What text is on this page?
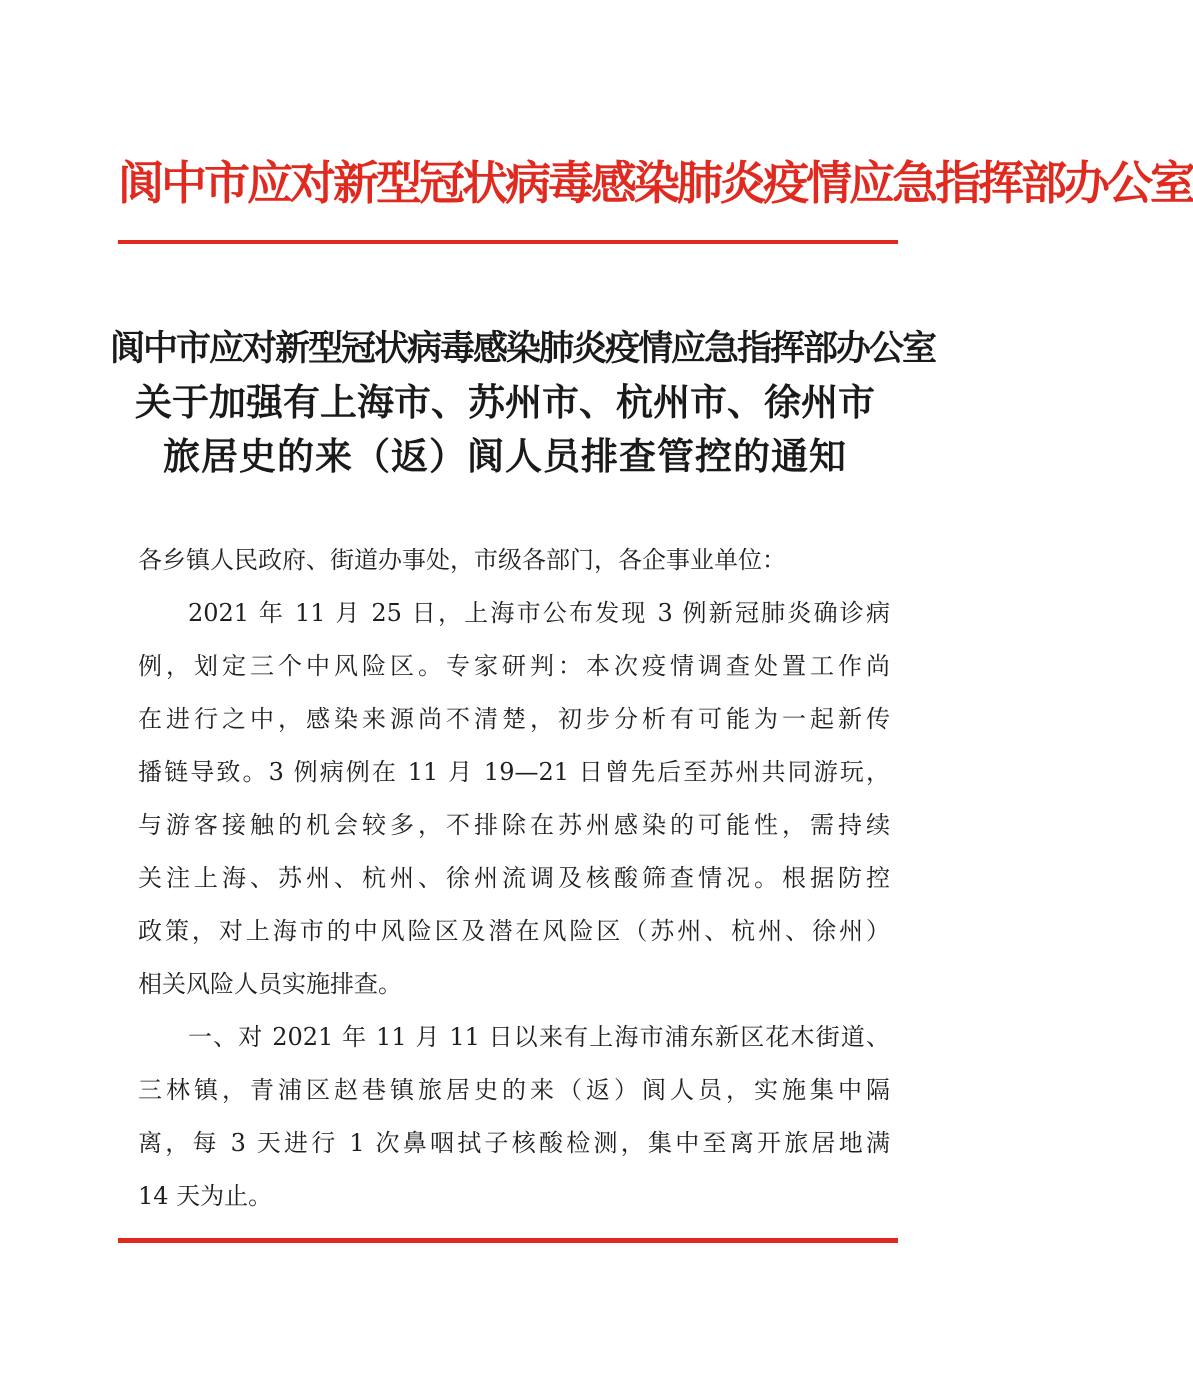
阆中市应对新型冠状病毒感染肺炎疫情应急指挥部办公室
阆中市应对新型冠状病毒感染肺炎疫情应急指挥部办公室
关于加强有上海市、苏州市、杭州市、徐州市
旅居史的来（返）阆人员排查管控的通知
各乡镇人民政府、街道办事处，市级各部门，各企事业单位：
2021 年 11 月 25 日，上海市公布发现 3 例新冠肺炎确诊病
例，划定三个中风险区。专家研判：本次疫情调查处置工作尚
在进行之中，感染来源尚不清楚，初步分析有可能为一起新传
播链导致。3 例病例在 11 月 19—21 日曾先后至苏州共同游玩，
与游客接触的机会较多，不排除在苏州感染的可能性，需持续
关注上海、苏州、杭州、徐州流调及核酸筛查情况。根据防控
政策，对上海市的中风险区及潜在风险区（苏州、杭州、徐州）
相关风险人员实施排查。
一、对 2021 年 11 月 11 日以来有上海市浦东新区花木街道、
三林镇，青浦区赵巷镇旅居史的来（返）阆人员，实施集中隔
离，每 3 天进行 1 次鼻咽拭子核酸检测，集中至离开旅居地满
14 天为止。
